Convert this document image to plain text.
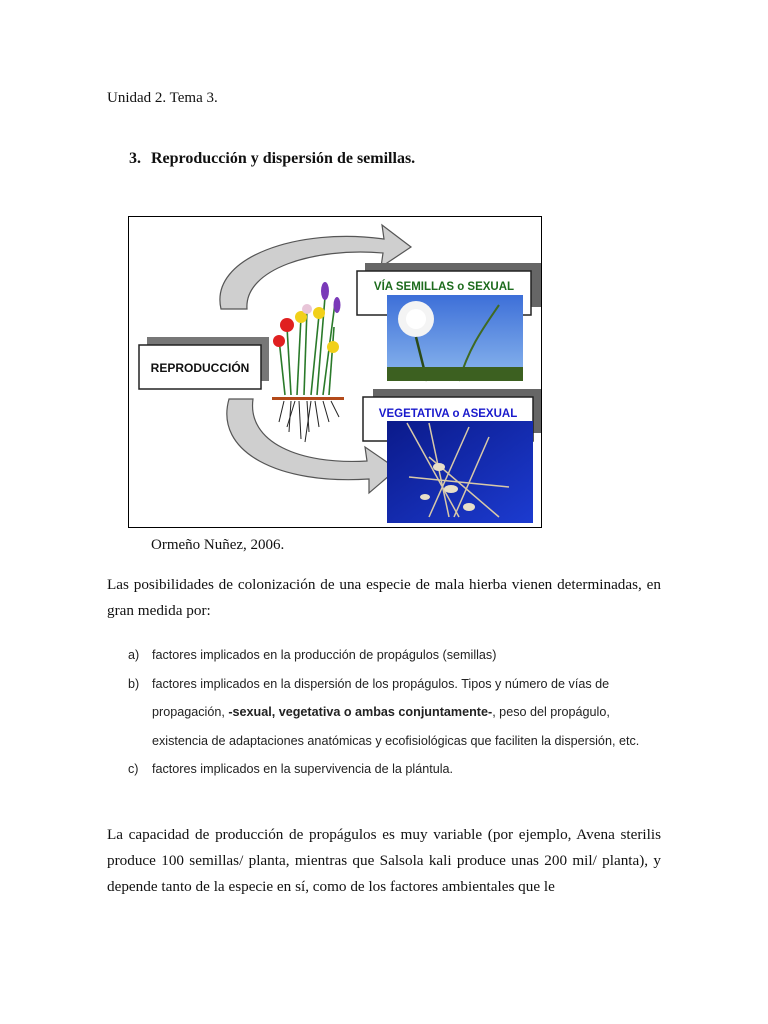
Unidad 2. Tema 3.
3. Reproducción y dispersión de semillas.
REPRODUCCIÓN
VÍA SEMILLAS o SEXUAL
VEGETATIVA o ASEXUAL
Ormeño Nuñez, 2006.
Las posibilidades de colonización de una especie de mala hierba vienen determinadas, en gran medida por:
a) factores implicados en la producción de propágulos (semillas)
b) factores implicados en la dispersión de los propágulos. Tipos y número de vías de propagación, -sexual, vegetativa o ambas conjuntamente-, peso del propágulo, existencia de adaptaciones anatómicas y ecofisiológicas que faciliten la dispersión, etc.
c) factores implicados en la supervivencia de la plántula.
La capacidad de producción de propágulos es muy variable (por ejemplo, Avena sterilis produce 100 semillas/ planta, mientras que Salsola kali produce unas 200 mil/ planta), y depende tanto de la especie en sí, como de los factores ambientales que le
